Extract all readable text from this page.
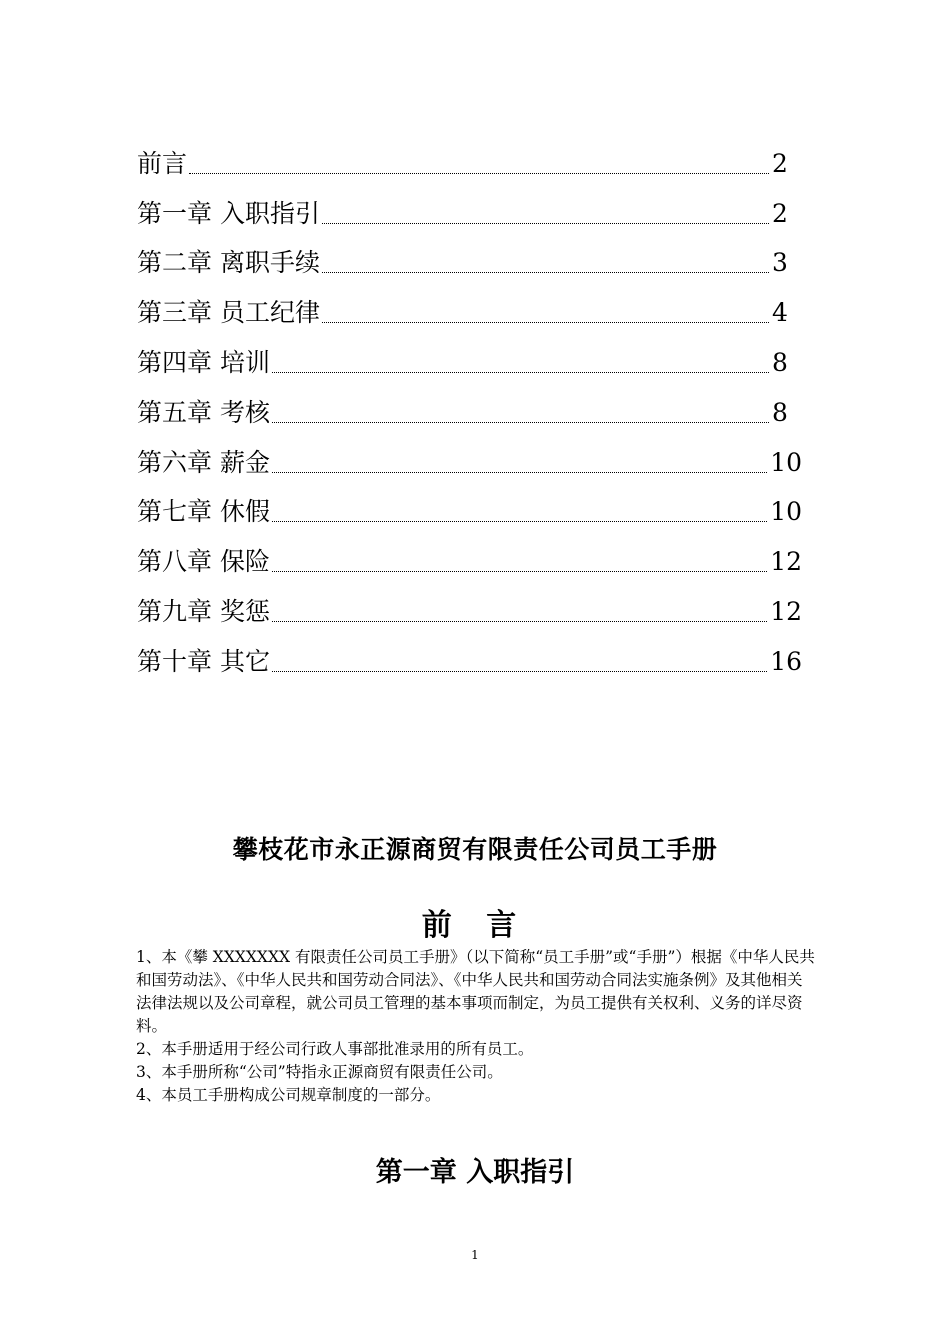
前言	2
第一章 入职指引	2
第二章 离职手续	3
第三章 员工纪律	4
第四章 培训	8
第五章 考核	8
第六章 薪金	10
第七章 休假	10
第八章 保险	12
第九章 奖惩	12
第十章 其它	16
攀枝花市永正源商贸有限责任公司员工手册
前 言

1、本《攀 XXXXXXX 有限责任公司员工手册》（以下简称“员工手册”或“手册”）根据《中华人民共和国劳动法》、《中华人民共和国劳动合同法》、《中华人民共和国劳动合同法实施条例》及其他相关法律法规以及公司章程，就公司员工管理的基本事项而制定，为员工提供有关权利、义务的详尽资料。

2、本手册适用于经公司行政人事部批准录用的所有员工。

3、本手册所称“公司”特指永正源商贸有限责任公司。

4、本员工手册构成公司规章制度的一部分。

第一章 入职指引
1
